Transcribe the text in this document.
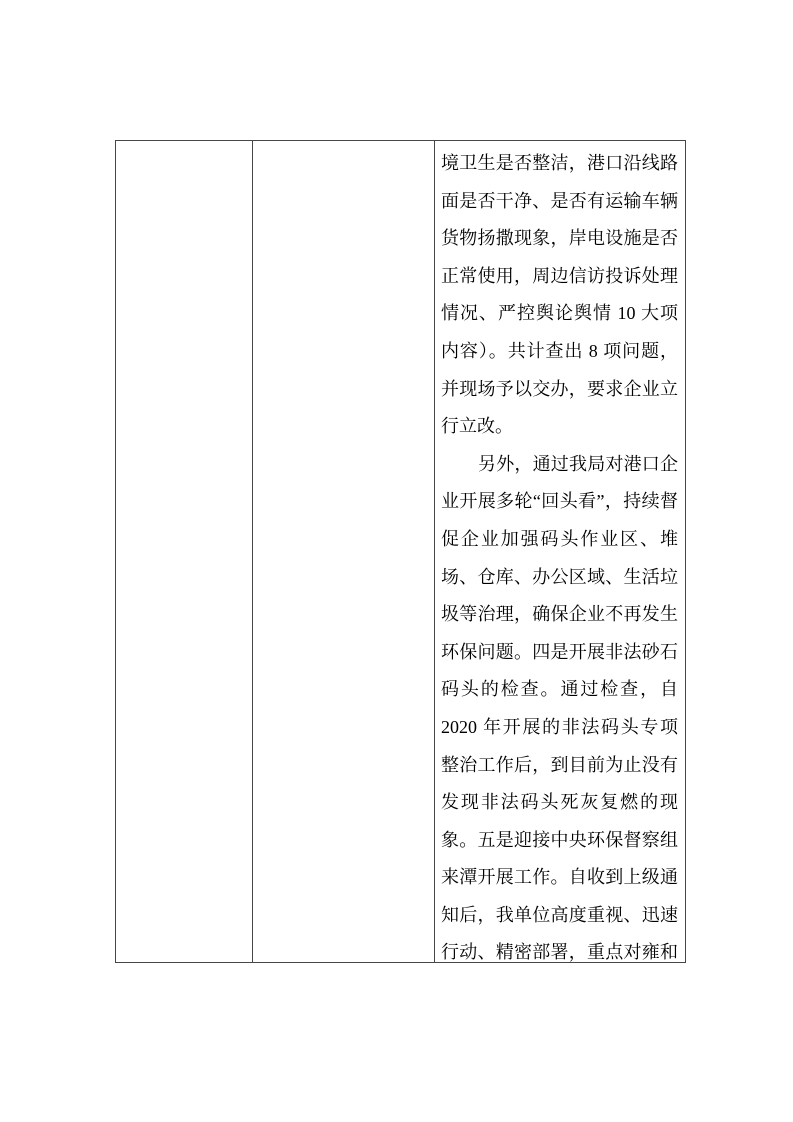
境卫生是否整洁，港口沿线路
面是否干净、是否有运输车辆
货物扬撒现象，岸电设施是否
正常使用，周边信访投诉处理
情况、严控舆论舆情 10 大项
内容）。共计查出 8 项问题，
并现场予以交办，要求企业立
行立改。
另外，通过我局对港口企
业开展多轮“回头看”，持续督
促企业加强码头作业区、堆
场、仓库、办公区域、生活垃
圾等治理，确保企业不再发生
环保问题。四是开展非法砂石
码头的检查。通过检查，自
2020 年开展的非法码头专项
整治工作后，到目前为止没有
发现非法码头死灰复燃的现
象。五是迎接中央环保督察组
来潭开展工作。自收到上级通
知后，我单位高度重视、迅速
行动、精密部署，重点对雍和
